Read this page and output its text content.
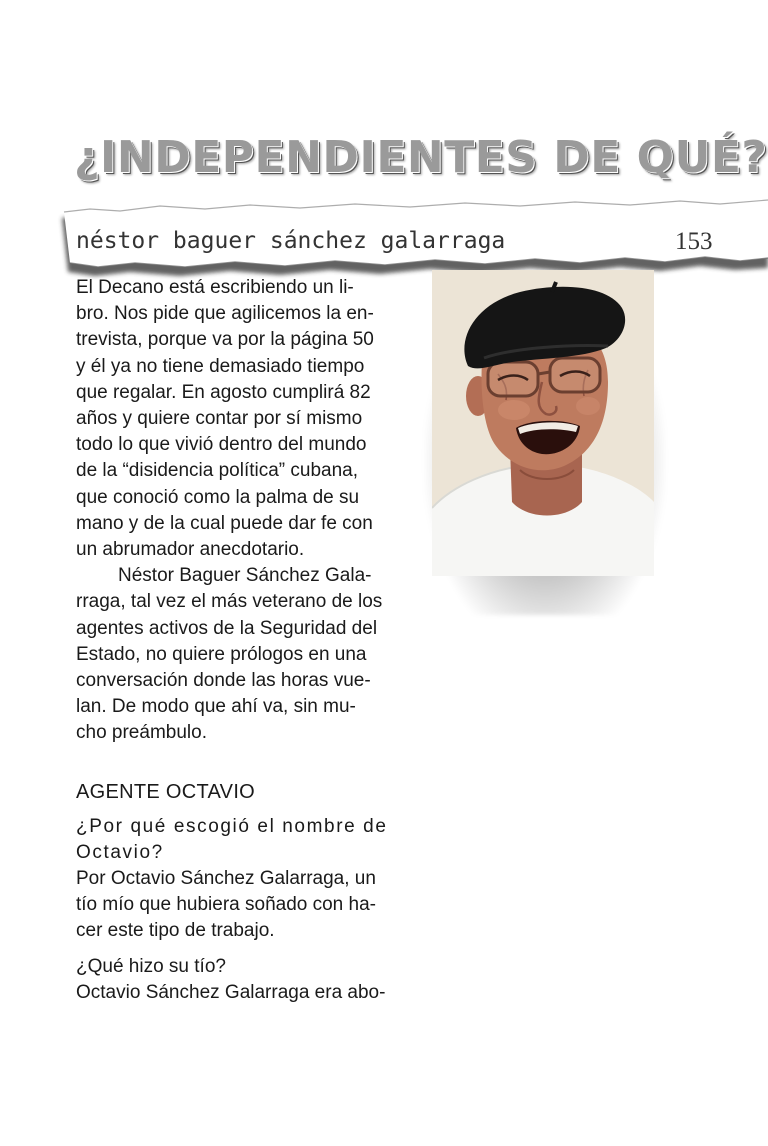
¿INDEPENDIENTES DE QUÉ?
néstor baguer sánchez galarraga	153

El Decano está escribiendo un li-
bro. Nos pide que agilicemos la en-
trevista, porque va por la página 50
y él ya no tiene demasiado tiempo
que regalar. En agosto cumplirá 82
años y quiere contar por sí mismo
todo lo que vivió dentro del mundo
de la “disidencia política” cubana,
que conoció como la palma de su
mano y de la cual puede dar fe con
un abrumador anecdotario.

Néstor Baguer Sánchez Gala-
rraga, tal vez el más veterano de los
agentes activos de la Seguridad del
Estado, no quiere prólogos en una
conversación donde las horas vue-
lan. De modo que ahí va, sin mu-
cho preámbulo.

AGENTE OCTAVIO

¿Por qué escogió el nombre de
Octavio?

Por Octavio Sánchez Galarraga, un
tío mío que hubiera soñado con ha-
cer este tipo de trabajo.

¿Qué hizo su tío?

Octavio Sánchez Galarraga era abo-
